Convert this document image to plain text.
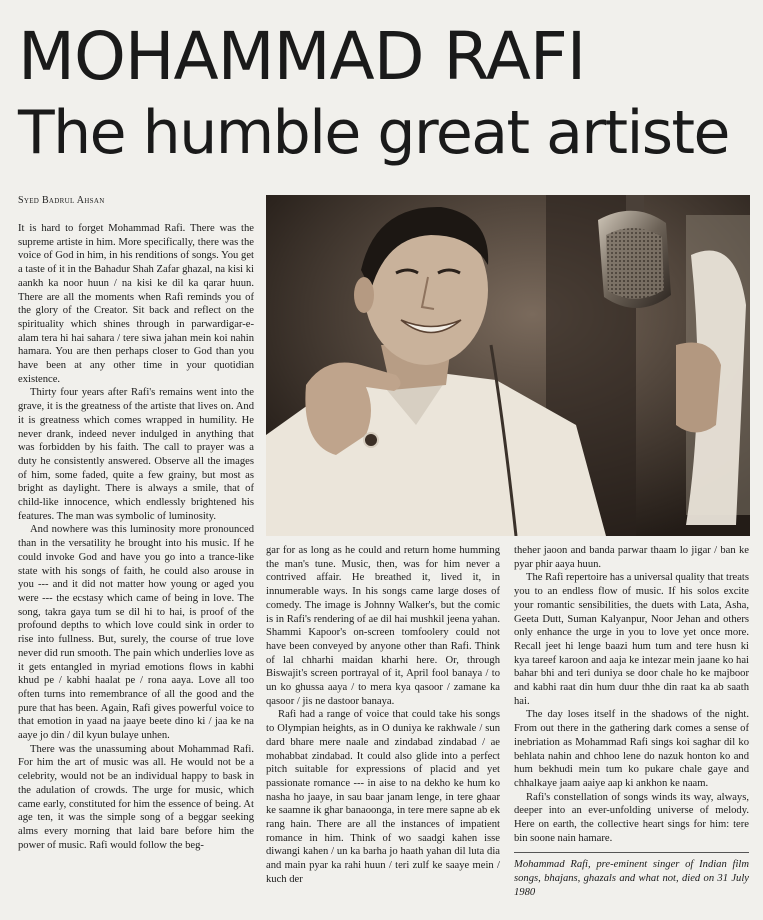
MOHAMMAD RAFI
The humble great artiste
Syed Badrul Ahsan

It is hard to forget Mohammad Rafi. There was the supreme artiste in him. More specifically, there was the voice of God in him, in his renditions of songs. You get a taste of it in the Bahadur Shah Zafar ghazal, na kisi ki aankh ka noor huun / na kisi ke dil ka qarar huun. There are all the moments when Rafi reminds you of the glory of the Creator. Sit back and reflect on the spirituality which shines through in parwardigar-e-alam tera hi hai sahara / tere siwa jahan mein koi nahin hamara. You are then perhaps closer to God than you have been at any other time in your quotidian existence.

Thirty four years after Rafi's remains went into the grave, it is the greatness of the artiste that lives on. And it is greatness which comes wrapped in humility. He never drank, indeed never indulged in anything that was forbidden by his faith. The call to prayer was a duty he consistently answered. Observe all the images of him, some faded, quite a few grainy, but most as bright as daylight. There is always a smile, that of child-like innocence, which endlessly brightened his features. The man was symbolic of luminosity.

And nowhere was this luminosity more pronounced than in the versatility he brought into his music. If he could invoke God and have you go into a trance-like state with his songs of faith, he could also arouse in you --- and it did not matter how young or aged you were --- the ecstasy which came of being in love. The song, takra gaya tum se dil hi to hai, is proof of the profound depths to which love could sink in order to rise into fullness. But, surely, the course of true love never did run smooth. The pain which underlies love as it gets entangled in myriad emotions flows in kabhi khud pe / kabhi haalat pe / rona aaya. Love all too often turns into remembrance of all the good and the pure that has been. Again, Rafi gives powerful voice to that emotion in yaad na jaaye beete dino ki / jaa ke na aaye jo din / dil kyun bulaye unhen.

There was the unassuming about Mohammad Rafi. For him the art of music was all. He would not be a celebrity, would not be an individual happy to bask in the adulation of crowds. The urge for music, which came early, constituted for him the essence of being. At age ten, it was the simple song of a beggar seeking alms every morning that laid bare before him the power of music. Rafi would follow the beg-

gar for as long as he could and return home humming the man's tune. Music, then, was for him never a contrived affair. He breathed it, lived it, in innumerable ways. In his songs came large doses of comedy. The image is Johnny Walker's, but the comic is in Rafi's rendering of ae dil hai mushkil jeena yahan. Shammi Kapoor's on-screen tomfoolery could not have been conveyed by anyone other than Rafi. Think of lal chharhi maidan kharhi here. Or, through Biswajit's screen portrayal of it, April fool banaya / to un ko ghussa aaya / to mera kya qasoor / zamane ka qasoor / jis ne dastoor banaya.

Rafi had a range of voice that could take his songs to Olympian heights, as in O duniya ke rakhwale / sun dard bhare mere naale and zindabad zindabad / ae mohabbat zindabad. It could also glide into a perfect pitch suitable for expressions of placid and yet passionate romance --- in aise to na dekho ke hum ko nasha ho jaaye, in sau baar janam lenge, in tere ghaar ke saamne ik ghar banaoonga, in tere mere sapne ab ek rang hain. There are all the instances of impatient romance in him. Think of wo saadgi kahen isse diwangi kahen / un ka barha jo haath yahan dil luta dia and main pyar ka rahi huun / teri zulf ke saaye mein / kuch der

theher jaoon and banda parwar thaam lo jigar / ban ke pyar phir aaya huun.

The Rafi repertoire has a universal quality that treats you to an endless flow of music. If his solos excite your romantic sensibilities, the duets with Lata, Asha, Geeta Dutt, Suman Kalyanpur, Noor Jehan and others only enhance the urge in you to love yet once more. Recall jeet hi lenge baazi hum tum and tere husn ki kya tareef karoon and aaja ke intezar mein jaane ko hai bahar bhi and teri duniya se door chale ho ke majboor and kabhi raat din hum duur thhe din raat ka ab saath hai.

The day loses itself in the shadows of the night. From out there in the gathering dark comes a sense of inebriation as Mohammad Rafi sings koi saghar dil ko behlata nahin and chhoo lene do nazuk honton ko and hum bekhudi mein tum ko pukare chale gaye and chhalkaye jaam aaiye aap ki ankhon ke naam.

Rafi's constellation of songs winds its way, always, deeper into an ever-unfolding universe of melody. Here on earth, the collective heart sings for him: tere bin soone nain hamare.

Mohammad Rafi, pre-eminent singer of Indian film songs, bhajans, ghazals and what not, died on 31 July 1980
